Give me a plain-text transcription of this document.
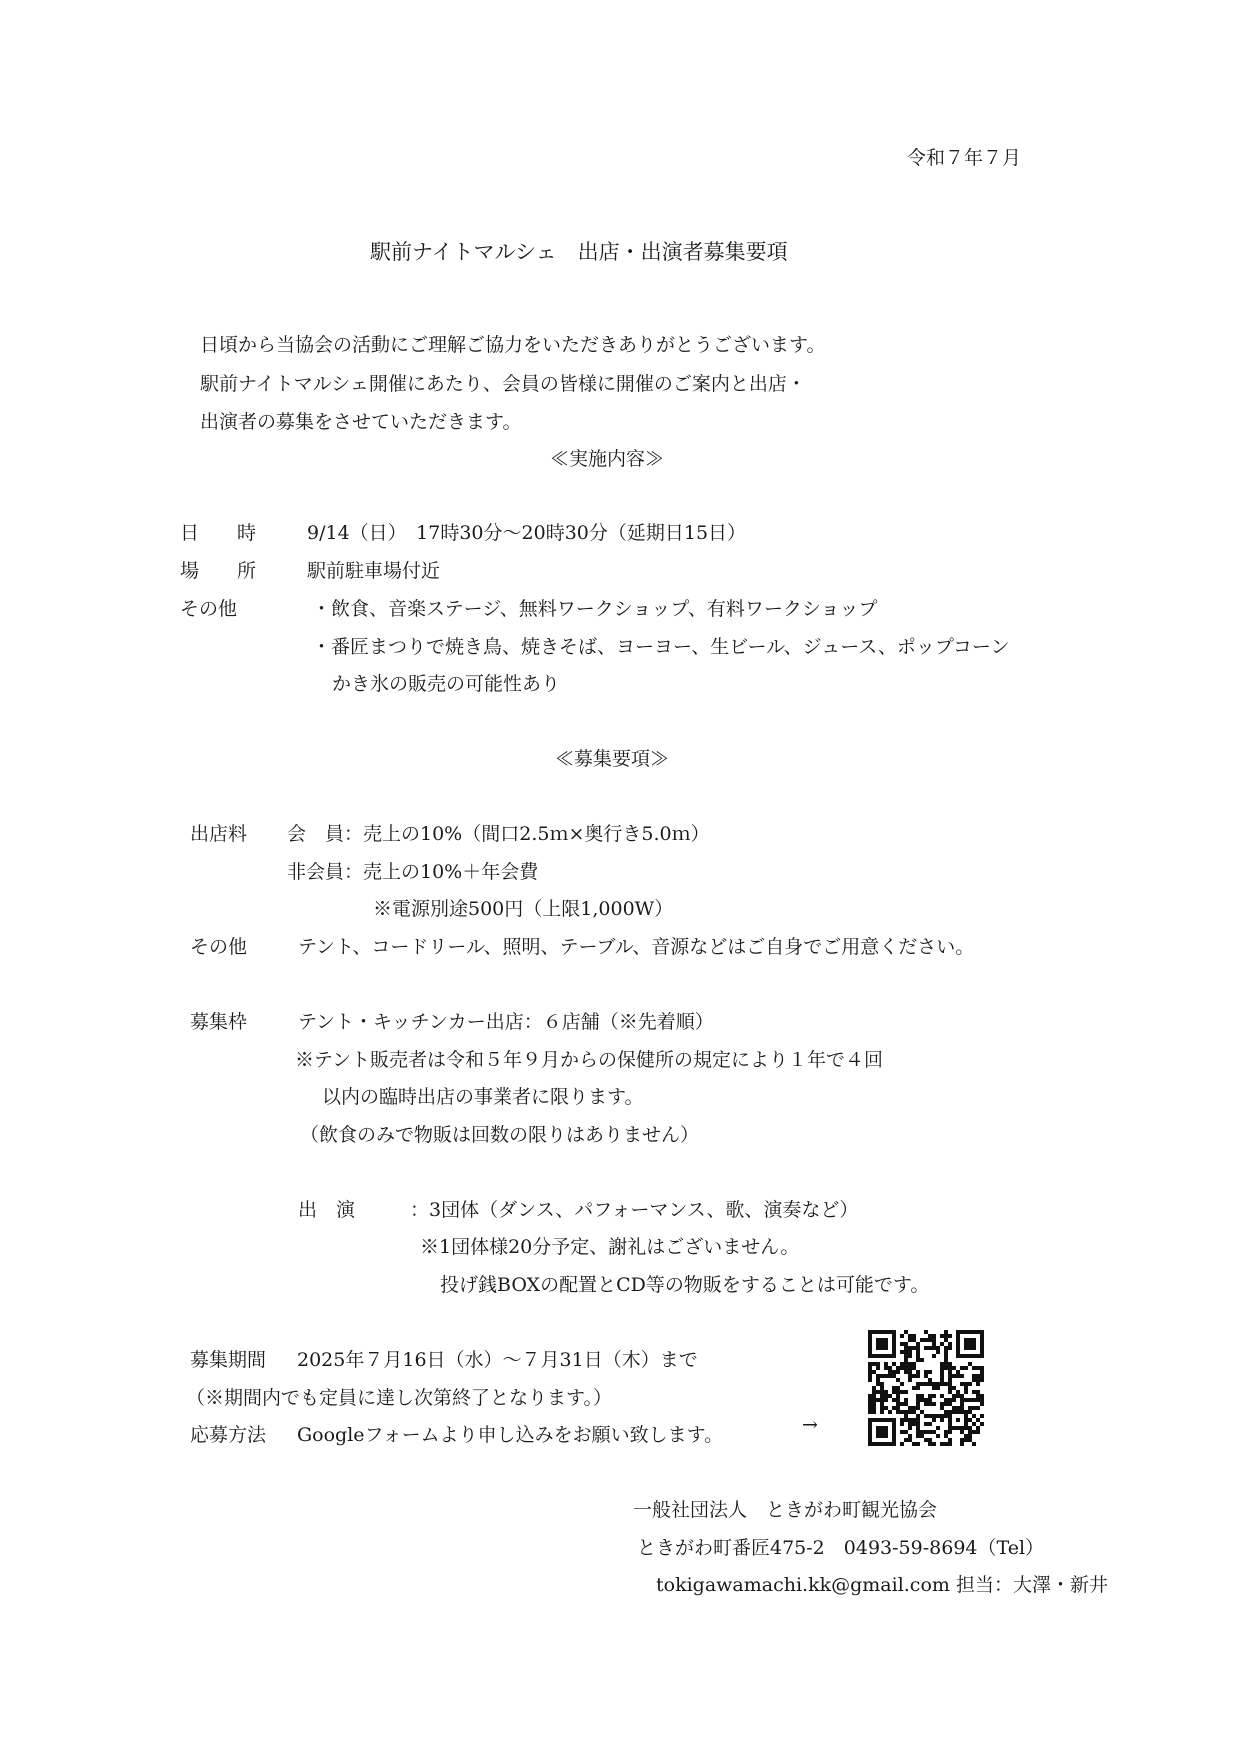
令和７年７月
駅前ナイトマルシェ　出店・出演者募集要項
日頃から当協会の活動にご理解ご協力をいただきありがとうございます。
駅前ナイトマルシェ開催にあたり、会員の皆様に開催のご案内と出店・
出演者の募集をさせていただきます。
≪実施内容≫
日　　時	9/14（日）　17時30分～20時30分（延期日15日）
場　　所	駅前駐車場付近
その他	・飲食、音楽ステージ、無料ワークショップ、有料ワークショップ
・番匠まつりで焼き鳥、焼きそば、ヨーヨー、生ビール、ジュース、ポップコーン
かき氷の販売の可能性あり
≪募集要項≫
出店料 会　員：売上の10%（間口2.5ｍ×奥行き5.0ｍ）
非会員：売上の10%＋年会費
※電源別途500円（上限1,000W）
その他	テント、コードリール、照明、テーブル、音源などはご自身でご用意ください。
募集枠	テント・キッチンカー出店：６店舗（※先着順）
※テント販売者は令和５年９月からの保健所の規定により１年で４回
以内の臨時出店の事業者に限ります。
（飲食のみで物販は回数の限りはありません）
出　演	：3団体（ダンス、パフォーマンス、歌、演奏など）
※1団体様20分予定、謝礼はございません。
投げ銭BOXの配置とCD等の物販をすることは可能です。
募集期間 2025年７月16日（水）～７月31日（木）まで
（※期間内でも定員に達し次第終了となります。）
応募方法 Googleフォームより申し込みをお願い致します。	→
一般社団法人　ときがわ町観光協会
ときがわ町番匠475-2　0493-59-8694（Tel）
tokigawamachi.kk@gmail.com 担当：大澤・新井
